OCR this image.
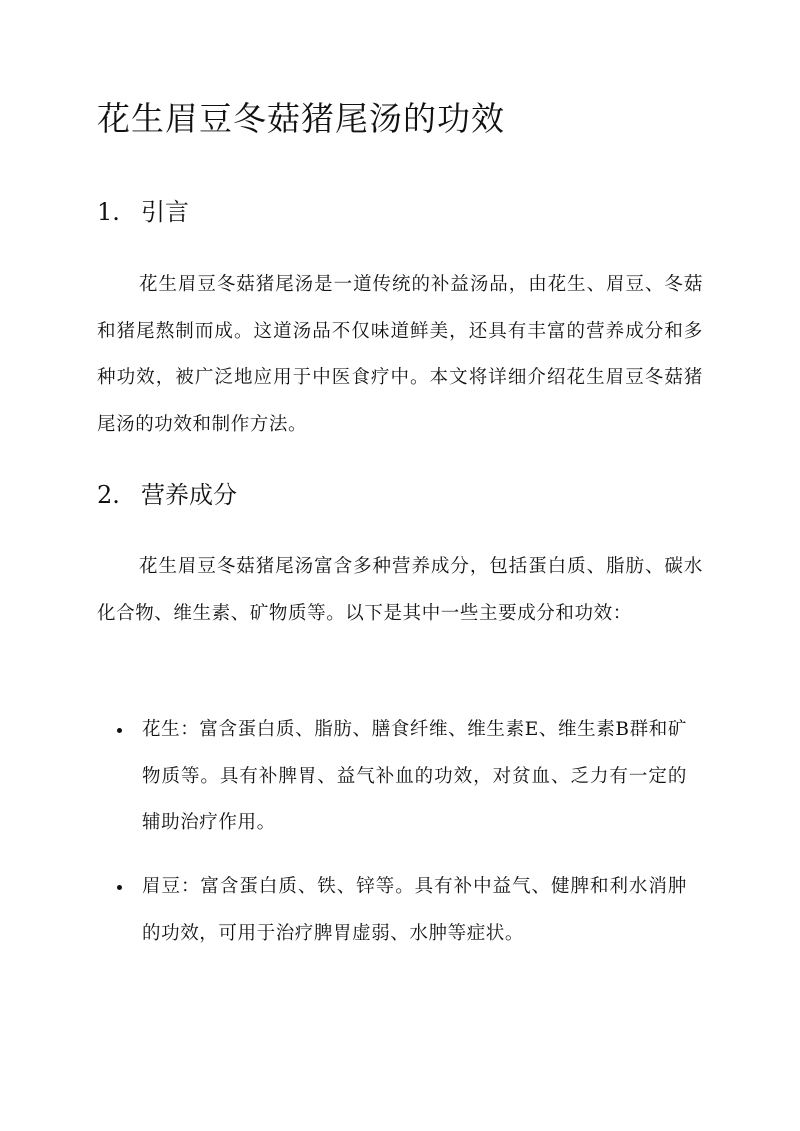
花生眉豆冬菇猪尾汤的功效
1. 引言

花生眉豆冬菇猪尾汤是一道传统的补益汤品，由花生、眉豆、冬菇和猪尾熬制而成。这道汤品不仅味道鲜美，还具有丰富的营养成分和多种功效，被广泛地应用于中医食疗中。本文将详细介绍花生眉豆冬菇猪尾汤的功效和制作方法。

2. 营养成分

花生眉豆冬菇猪尾汤富含多种营养成分，包括蛋白质、脂肪、碳水化合物、维生素、矿物质等。以下是其中一些主要成分和功效：

花生：富含蛋白质、脂肪、膳食纤维、维生素E、维生素B群和矿物质等。具有补脾胃、益气补血的功效，对贫血、乏力有一定的辅助治疗作用。
眉豆：富含蛋白质、铁、锌等。具有补中益气、健脾和利水消肿的功效，可用于治疗脾胃虚弱、水肿等症状。
